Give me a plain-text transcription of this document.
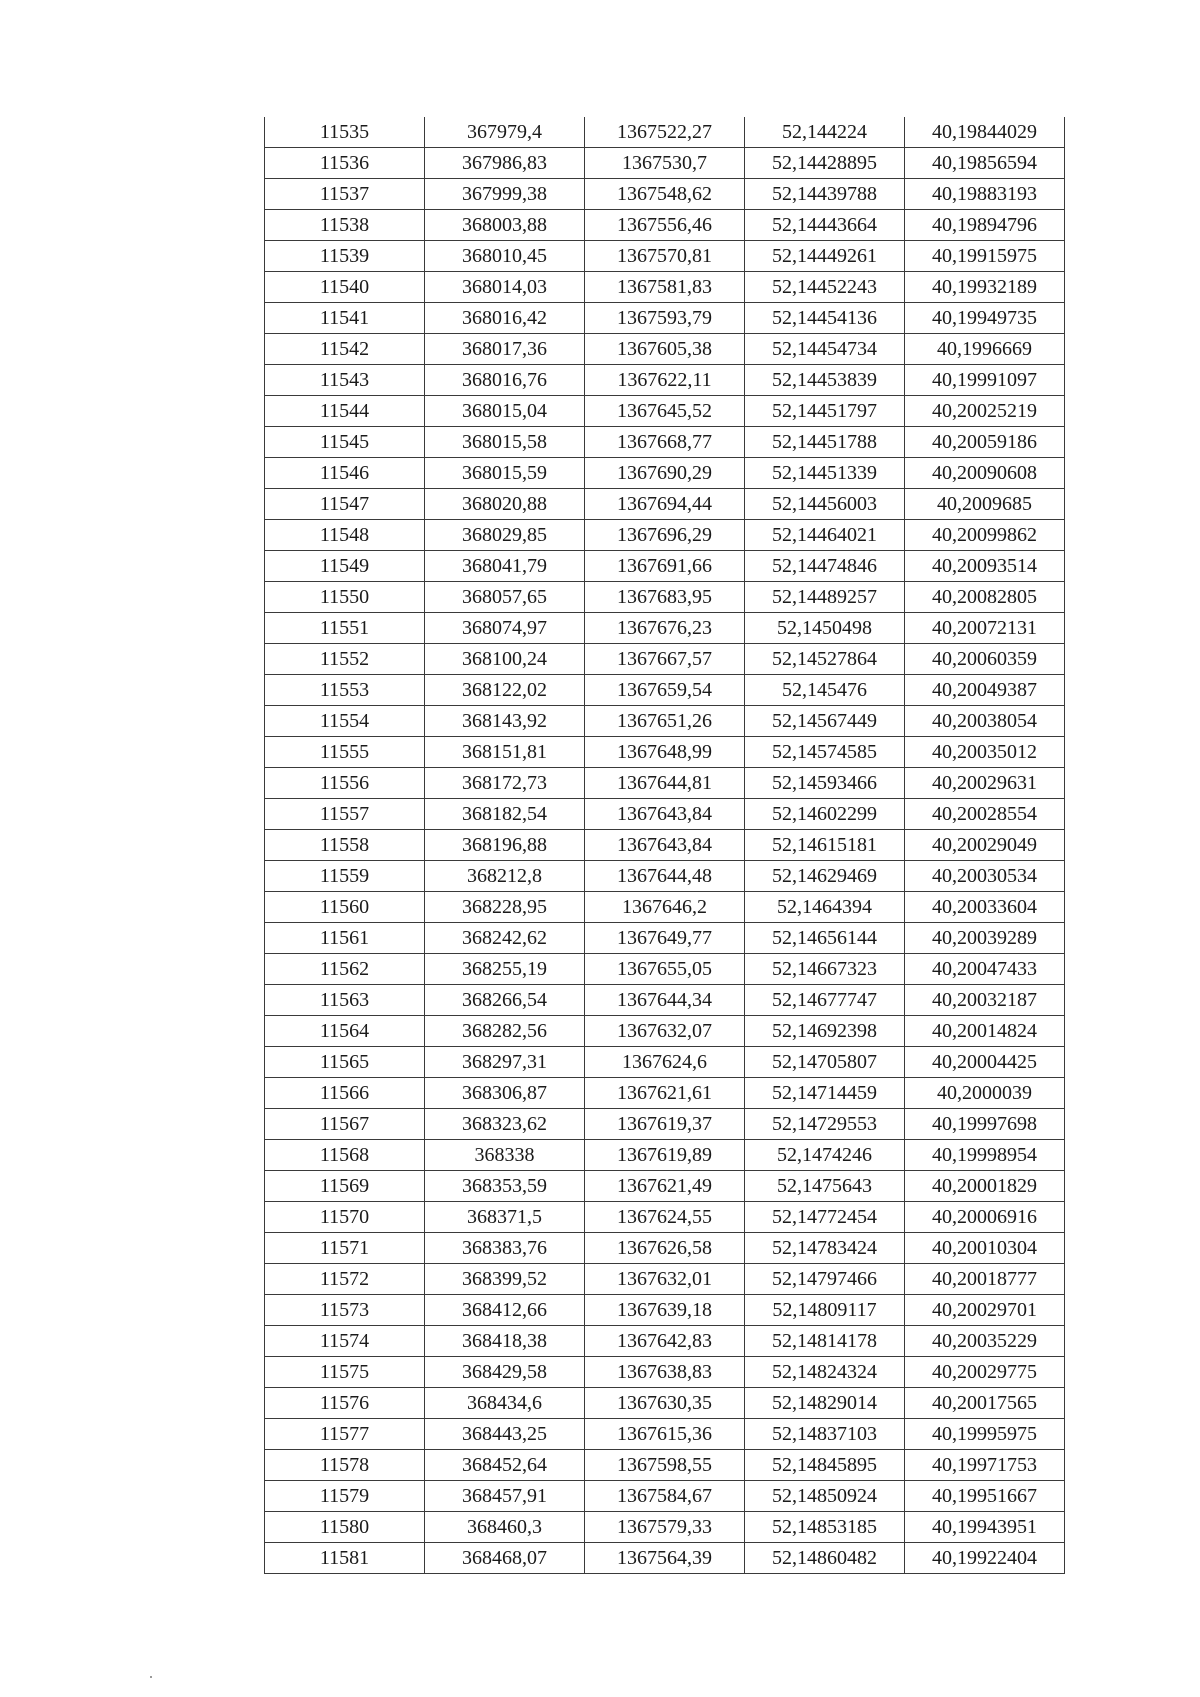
11535	367979,4	1367522,27	52,144224	40,19844029
11536	367986,83	1367530,7	52,14428895	40,19856594
11537	367999,38	1367548,62	52,14439788	40,19883193
11538	368003,88	1367556,46	52,14443664	40,19894796
11539	368010,45	1367570,81	52,14449261	40,19915975
11540	368014,03	1367581,83	52,14452243	40,19932189
11541	368016,42	1367593,79	52,14454136	40,19949735
11542	368017,36	1367605,38	52,14454734	40,1996669
11543	368016,76	1367622,11	52,14453839	40,19991097
11544	368015,04	1367645,52	52,14451797	40,20025219
11545	368015,58	1367668,77	52,14451788	40,20059186
11546	368015,59	1367690,29	52,14451339	40,20090608
11547	368020,88	1367694,44	52,14456003	40,2009685
11548	368029,85	1367696,29	52,14464021	40,20099862
11549	368041,79	1367691,66	52,14474846	40,20093514
11550	368057,65	1367683,95	52,14489257	40,20082805
11551	368074,97	1367676,23	52,1450498	40,20072131
11552	368100,24	1367667,57	52,14527864	40,20060359
11553	368122,02	1367659,54	52,145476	40,20049387
11554	368143,92	1367651,26	52,14567449	40,20038054
11555	368151,81	1367648,99	52,14574585	40,20035012
11556	368172,73	1367644,81	52,14593466	40,20029631
11557	368182,54	1367643,84	52,14602299	40,20028554
11558	368196,88	1367643,84	52,14615181	40,20029049
11559	368212,8	1367644,48	52,14629469	40,20030534
11560	368228,95	1367646,2	52,1464394	40,20033604
11561	368242,62	1367649,77	52,14656144	40,20039289
11562	368255,19	1367655,05	52,14667323	40,20047433
11563	368266,54	1367644,34	52,14677747	40,20032187
11564	368282,56	1367632,07	52,14692398	40,20014824
11565	368297,31	1367624,6	52,14705807	40,20004425
11566	368306,87	1367621,61	52,14714459	40,2000039
11567	368323,62	1367619,37	52,14729553	40,19997698
11568	368338	1367619,89	52,1474246	40,19998954
11569	368353,59	1367621,49	52,1475643	40,20001829
11570	368371,5	1367624,55	52,14772454	40,20006916
11571	368383,76	1367626,58	52,14783424	40,20010304
11572	368399,52	1367632,01	52,14797466	40,20018777
11573	368412,66	1367639,18	52,14809117	40,20029701
11574	368418,38	1367642,83	52,14814178	40,20035229
11575	368429,58	1367638,83	52,14824324	40,20029775
11576	368434,6	1367630,35	52,14829014	40,20017565
11577	368443,25	1367615,36	52,14837103	40,19995975
11578	368452,64	1367598,55	52,14845895	40,19971753
11579	368457,91	1367584,67	52,14850924	40,19951667
11580	368460,3	1367579,33	52,14853185	40,19943951
11581	368468,07	1367564,39	52,14860482	40,19922404
